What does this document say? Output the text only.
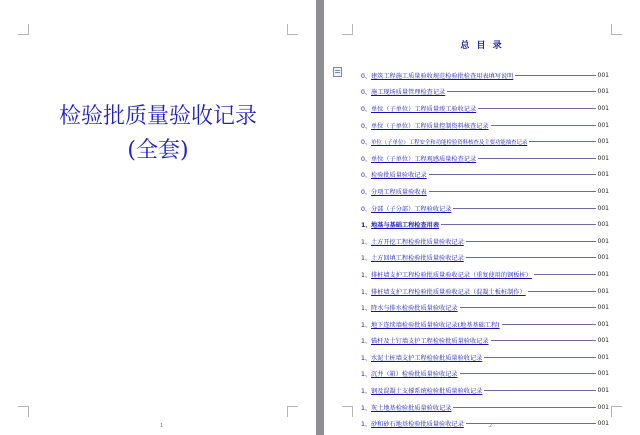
检验批质量验收记录
(全套)
1
总 目 录
0、 建筑工程施工质量验收规范检验批检查用表填写说明	001
0、 施工现场质量管理检查记录	001
0、 单位（子单位）工程质量竣工验收记录	001
0、 单位（子单位）工程质量控制资料核查记录	001
0、 单位（子单位）工程安全和功能检验资料核查及主要功能抽查记录	001
0、 单位（子单位）工程观感质量检查记录	001
0、 检验批质量验收记录	001
0、 分项工程质量验收表	001
0、 分部（子分部）工程验收记录	001
1、 地基与基础工程检查用表	001
1、 土方开挖工程检验批质量验收记录	001
1、 土方回填工程检验批质量验收记录	001
1、 排桩墙支护工程检验批质量验收记录（重复使用的钢板桩）	001
1、 排桩墙支护工程检验批质量验收记录（混凝土板桩制作）	001
1、 降水与排水检验批质量验收记录	001
1、 地下连续墙检验批质量验收记录(地基基础工程)	001
1、 锚杆及土钉墙支护工程检验批质量验收记录	001
1、 水泥土桩墙支护工程检验批质量验收记录	001
1、 沉井（箱）检验批质量验收记录	001
1、 钢及混凝土支撑系统检验批质量验收记录	001
1、 灰土地基检验批质量验收记录	001
1、 砂和砂石地基检验批质量验收记录	001
2
